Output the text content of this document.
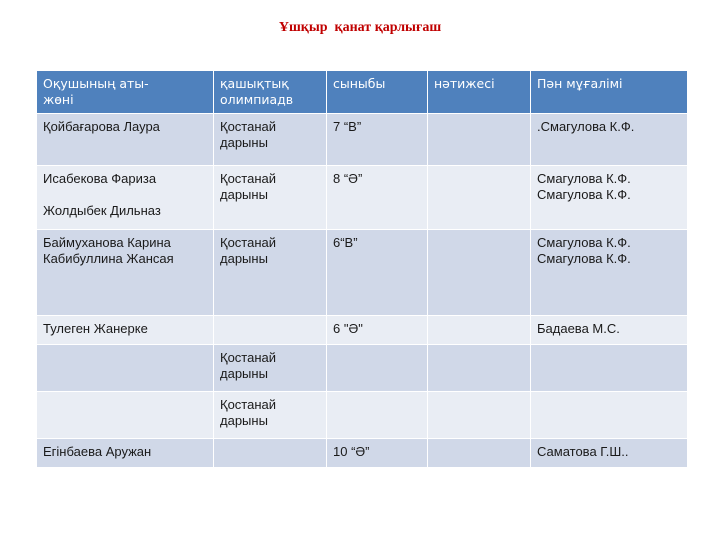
Ұшқыр  қанат қарлығаш
Оқушының аты-
жөні	қашықтық
олимпиадв	сыныбы	нәтижесі	Пән мұғалімі

Қойбағарова Лаура	Қостанай
дарыны	7 “В”		.Смагулова К.Ф.

Исабекова Фариза

Жолдыбек Дильназ	Қостанай
дарыны	8 “Ә”		Смагулова К.Ф.
Смагулова К.Ф.

Баймуханова Карина
Кабибуллина Жансая	Қостанай
дарыны	6“В”		Смагулова К.Ф.
Смагулова К.Ф.

Тулеген Жанерке		6 "Ә"		Бадаева М.С.

	Қостанай
дарыны			

	Қостанай
дарыны			

Егінбаева Аружан		10 “Ә”		Саматова Г.Ш..
